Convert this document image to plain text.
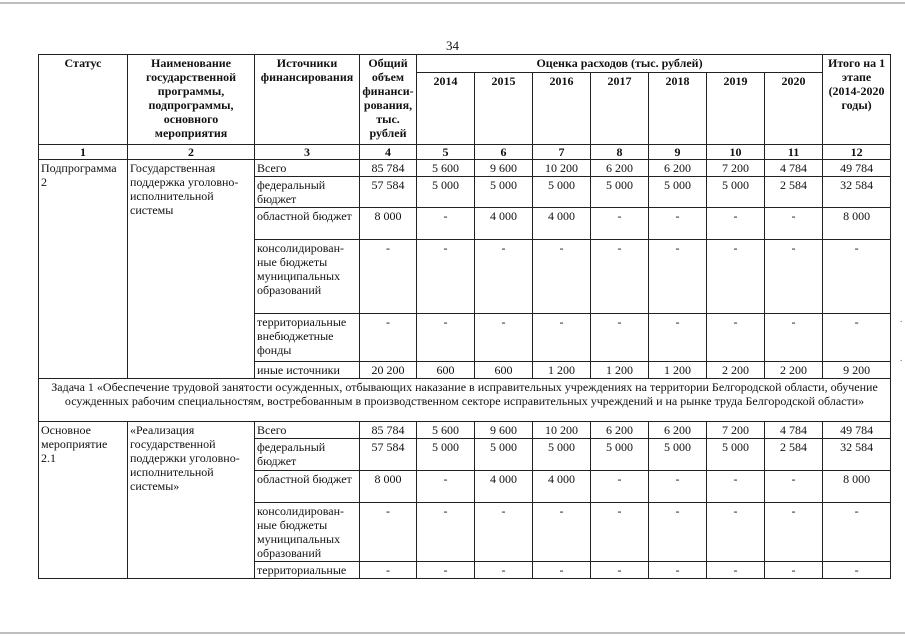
34
Статус	Наименование государственной программы, подпрограммы, основного мероприятия	Источники финансирования	Общий объем финанси-рования, тыс. рублей	Оценка расходов (тыс. рублей)							Итого на 1 этапе (2014-2020 годы)
				2014	2015	2016	2017	2018	2019	2020	
1	2	3	4	5	6	7	8	9	10	11	12
Подпрограмма 2	Государственная поддержка уголовно-исполнительной системы	Всего	85 784	5 600	9 600	10 200	6 200	6 200	7 200	4 784	49 784
		федеральный бюджет	57 584	5 000	5 000	5 000	5 000	5 000	5 000	2 584	32 584
		областной бюджет	8 000	-	4 000	4 000	-	-	-	-	8 000
		консолидирован-ные бюджеты муниципальных образований	-	-	-	-	-	-	-	-	-
		территориальные внебюджетные фонды	-	-	-	-	-	-	-	-	-
		иные источники	20 200	600	600	1 200	1 200	1 200	2 200	2 200	9 200
Задача 1 «Обеспечение трудовой занятости осужденных, отбывающих наказание в исправительных учреждениях на территории Белгородской области, обучение осужденных рабочим специальностям, востребованным в производственном секторе исправительных учреждений и на рынке труда Белгородской области»											
Основное мероприятие 2.1	«Реализация государственной поддержки уголовно-исполнительной системы»	Всего	85 784	5 600	9 600	10 200	6 200	6 200	7 200	4 784	49 784
		федеральный бюджет	57 584	5 000	5 000	5 000	5 000	5 000	5 000	2 584	32 584
		областной бюджет	8 000	-	4 000	4 000	-	-	-	-	8 000
		консолидирован-ные бюджеты муниципальных образований	-	-	-	-	-	-	-	-	-
		территориальные	-	-	-	-	-	-	-	-	-
·
·
